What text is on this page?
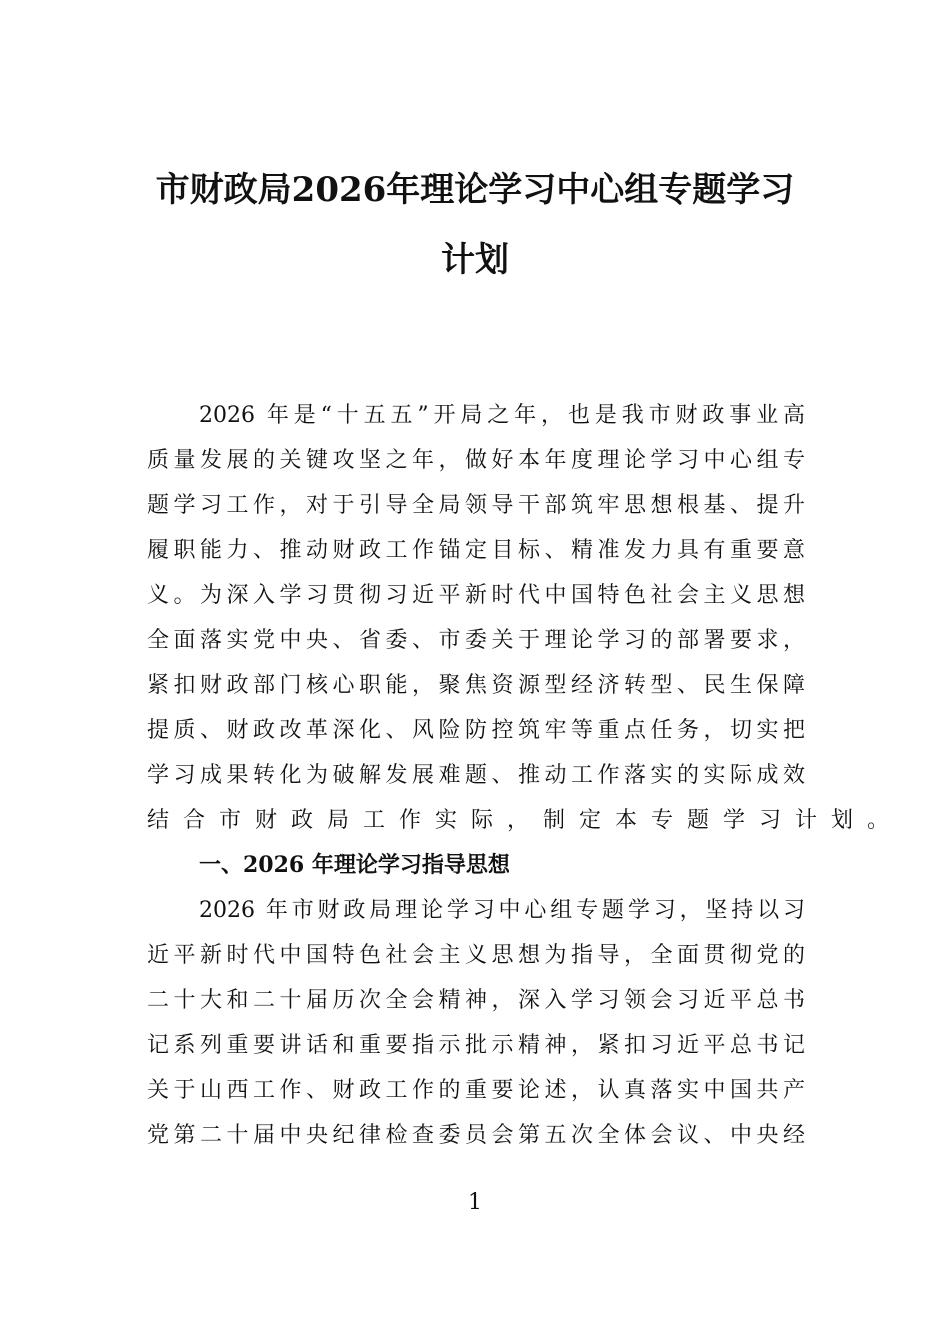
市财政局2026年理论学习中心组专题学习
计划
2026 年是“十五五”开局之年，也是我市财政事业高
质量发展的关键攻坚之年，做好本年度理论学习中心组专
题学习工作，对于引导全局领导干部筑牢思想根基、提升
履职能力、推动财政工作锚定目标、精准发力具有重要意
义。为深入学习贯彻习近平新时代中国特色社会主义思想
全面落实党中央、省委、市委关于理论学习的部署要求，
紧扣财政部门核心职能，聚焦资源型经济转型、民生保障
提质、财政改革深化、风险防控筑牢等重点任务，切实把
学习成果转化为破解发展难题、推动工作落实的实际成效
结合市财政局工作实际，制定本专题学习计划。
一、2026 年理论学习指导思想
2026 年市财政局理论学习中心组专题学习，坚持以习
近平新时代中国特色社会主义思想为指导，全面贯彻党的
二十大和二十届历次全会精神，深入学习领会习近平总书
记系列重要讲话和重要指示批示精神，紧扣习近平总书记
关于山西工作、财政工作的重要论述，认真落实中国共产
党第二十届中央纪律检查委员会第五次全体会议、中央经
1
